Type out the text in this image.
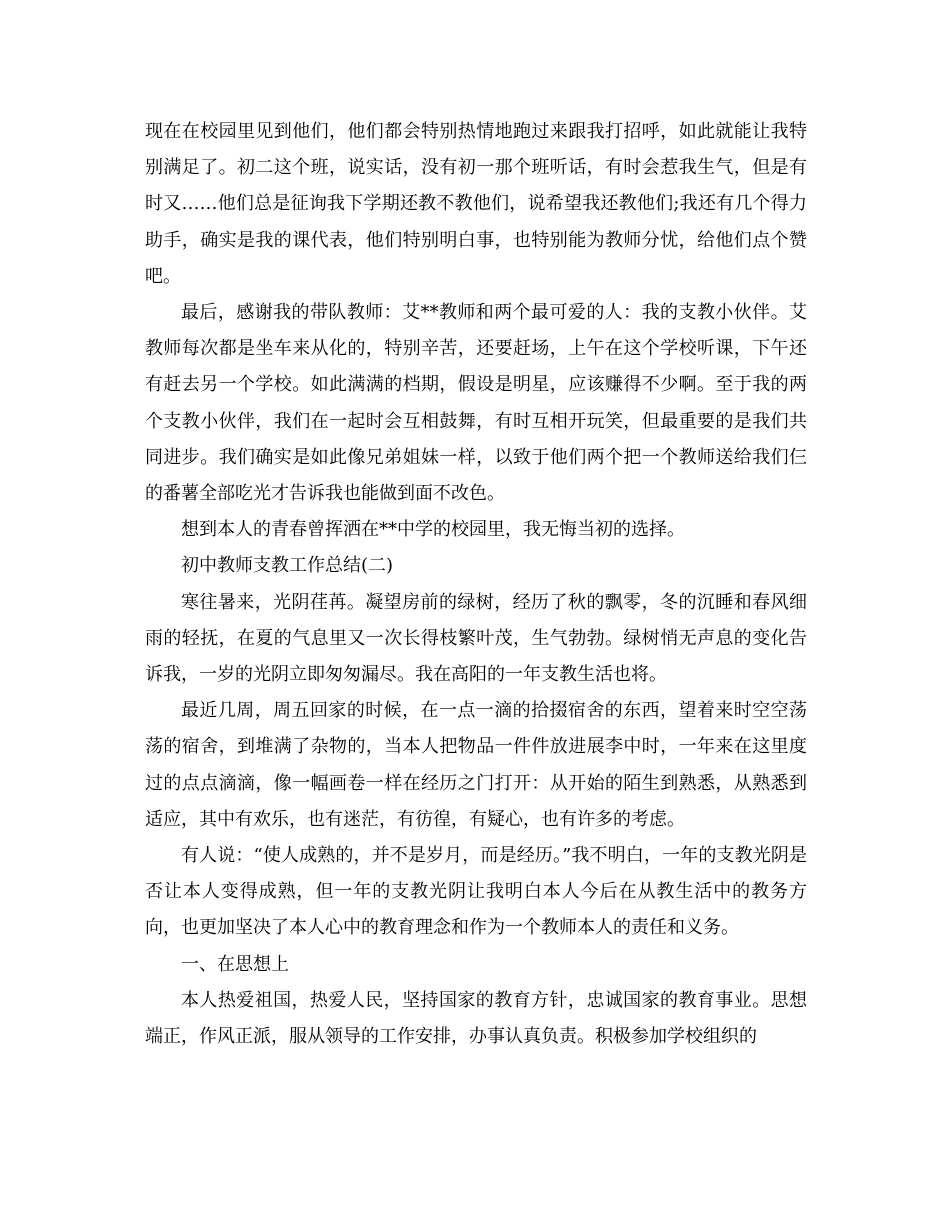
现在在校园里见到他们，他们都会特别热情地跑过来跟我打招呼，如此就能让我特别满足了。初二这个班，说实话，没有初一那个班听话，有时会惹我生气，但是有时又……他们总是征询我下学期还教不教他们，说希望我还教他们;我还有几个得力助手，确实是我的课代表，他们特别明白事，也特别能为教师分忧，给他们点个赞吧。

最后，感谢我的带队教师：艾**教师和两个最可爱的人：我的支教小伙伴。艾教师每次都是坐车来从化的，特别辛苦，还要赶场，上午在这个学校听课，下午还有赶去另一个学校。如此满满的档期，假设是明星，应该赚得不少啊。至于我的两个支教小伙伴，我们在一起时会互相鼓舞，有时互相开玩笑，但最重要的是我们共同进步。我们确实是如此像兄弟姐妹一样，以致于他们两个把一个教师送给我们仨的番薯全部吃光才告诉我也能做到面不改色。

想到本人的青春曾挥洒在**中学的校园里，我无悔当初的选择。

初中教师支教工作总结(二)

寒往暑来，光阴荏苒。凝望房前的绿树，经历了秋的飘零，冬的沉睡和春风细雨的轻抚，在夏的气息里又一次长得枝繁叶茂，生气勃勃。绿树悄无声息的变化告诉我，一岁的光阴立即匆匆漏尽。我在高阳的一年支教生活也将。

最近几周，周五回家的时候，在一点一滴的拾掇宿舍的东西，望着来时空空荡荡的宿舍，到堆满了杂物的，当本人把物品一件件放进展李中时，一年来在这里度过的点点滴滴，像一幅画卷一样在经历之门打开：从开始的陌生到熟悉，从熟悉到适应，其中有欢乐，也有迷茫，有彷徨，有疑心，也有许多的考虑。

有人说：“使人成熟的，并不是岁月，而是经历。”我不明白，一年的支教光阴是否让本人变得成熟，但一年的支教光阴让我明白本人今后在从教生活中的教务方向，也更加坚决了本人心中的教育理念和作为一个教师本人的责任和义务。

一、在思想上

本人热爱祖国，热爱人民，坚持国家的教育方针，忠诚国家的教育事业。思想端正，作风正派，服从领导的工作安排，办事认真负责。积极参加学校组织的
